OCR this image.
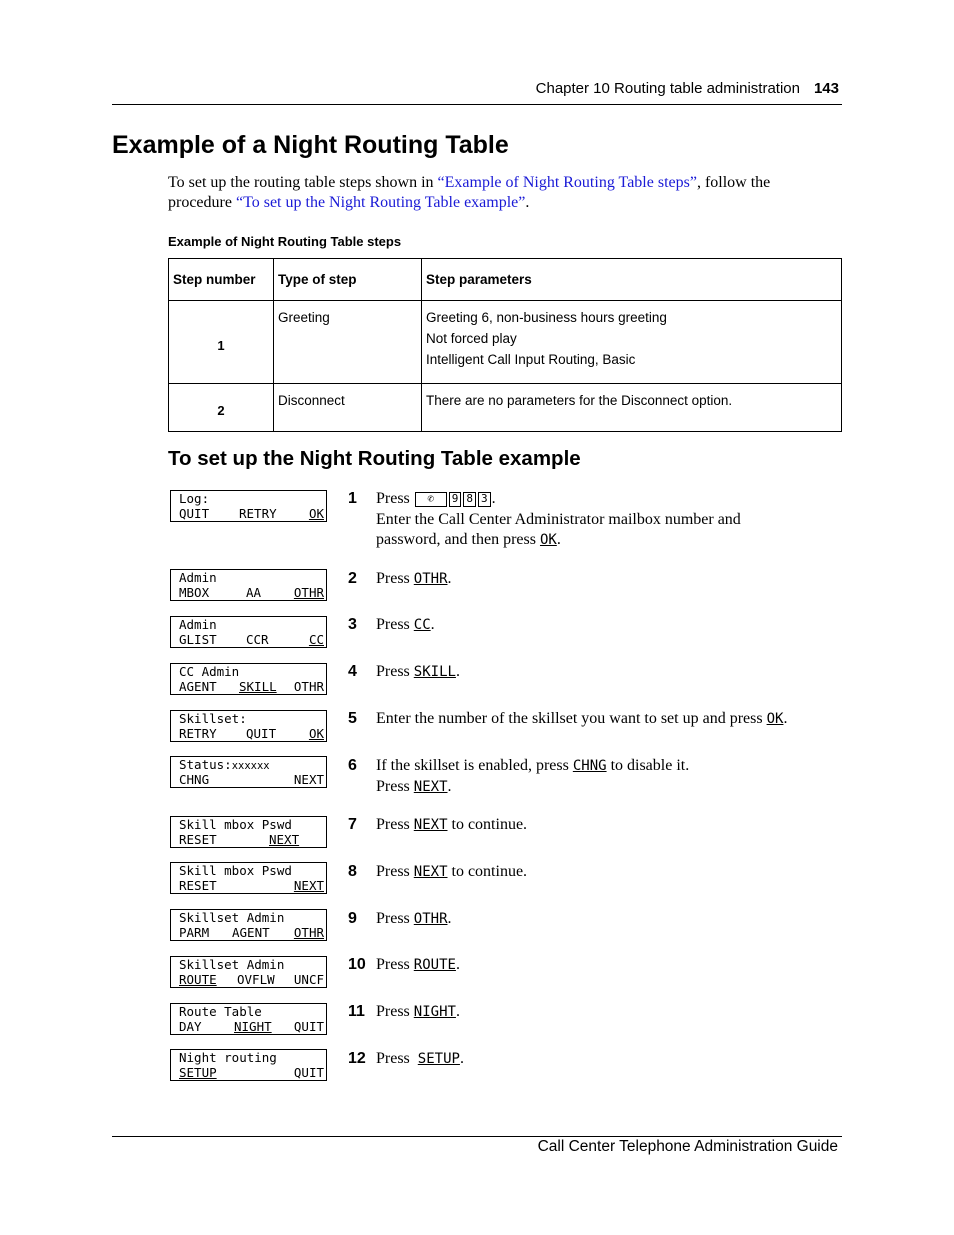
Chapter 10 Routing table administration 143
Example of a Night Routing Table

To set up the routing table steps shown in “Example of Night Routing Table steps”, follow the procedure “To set up the Night Routing Table example”.

Example of Night Routing Table steps
Step number	Type of step	Step parameters
1	Greeting	Greeting 6, non-business hours greeting
Not forced play
Intelligent Call Input Routing, Basic

2	Disconnect	There are no parameters for the Disconnect option.
To set up the Night Routing Table example
Log:
QUIT RETRY	OK
Admin
MBOX	AA	OTHR
Admin
GLIST CCR	CC
CC Admin
AGENT SKILL OTHR
Skillset:
RETRY QUIT	OK
Status:xxxxxx
CHNG	NEXT
Skill mbox Pswd
RESET	NEXT
Skill mbox Pswd
RESET	NEXT
Skillset Admin
PARM AGENT OTHR
Skillset Admin
ROUTE OVFLW UNCF
Route Table
DAY	NIGHT QUIT
Night routing
SETUP	QUIT
1 Press ✆ 9 8 3 .
Enter the Call Center Administrator mailbox number and
password, and then press OK.
2 Press OTHR.
3 Press CC.
4 Press SKILL.
5 Enter the number of the skillset you want to set up and press OK.
6 If the skillset is enabled, press CHNG to disable it.
Press NEXT.
7 Press NEXT to continue.
8 Press NEXT to continue.
9 Press OTHR.
10 Press ROUTE.
11 Press NIGHT.
12 Press  SETUP.
Call Center Telephone Administration Guide
